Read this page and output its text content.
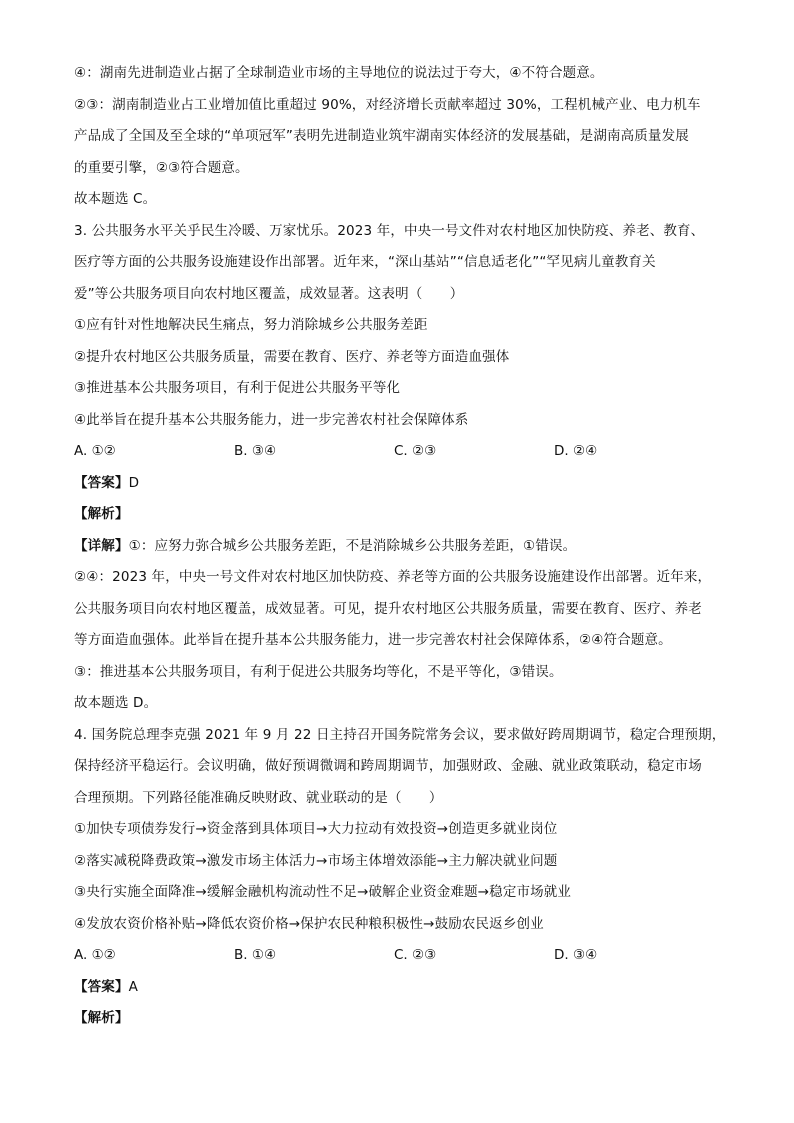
④：湖南先进制造业占据了全球制造业市场的主导地位的说法过于夸大，④不符合题意。
②③：湖南制造业占工业增加值比重超过 90%，对经济增长贡献率超过 30%，工程机械产业、电力机车
产品成了全国及至全球的“单项冠军”表明先进制造业筑牢湖南实体经济的发展基础，是湖南高质量发展
的重要引擎，②③符合题意。
故本题选 C。
3. 公共服务水平关乎民生冷暖、万家忧乐。2023 年，中央一号文件对农村地区加快防疫、养老、教育、
医疗等方面的公共服务设施建设作出部署。近年来，“深山基站”“信息适老化”“罕见病儿童教育关
爱”等公共服务项目向农村地区覆盖，成效显著。这表明（　　）
①应有针对性地解决民生痛点，努力消除城乡公共服务差距
②提升农村地区公共服务质量，需要在教育、医疗、养老等方面造血强体
③推进基本公共服务项目，有利于促进公共服务平等化
④此举旨在提升基本公共服务能力，进一步完善农村社会保障体系
A. ①②	B. ③④	C. ②③	D. ②④
【答案】D
【解析】
【详解】①：应努力弥合城乡公共服务差距，不是消除城乡公共服务差距，①错误。
②④：2023 年，中央一号文件对农村地区加快防疫、养老等方面的公共服务设施建设作出部署。近年来，
公共服务项目向农村地区覆盖，成效显著。可见，提升农村地区公共服务质量，需要在教育、医疗、养老
等方面造血强体。此举旨在提升基本公共服务能力，进一步完善农村社会保障体系，②④符合题意。
③：推进基本公共服务项目，有利于促进公共服务均等化，不是平等化，③错误。
故本题选 D。
4. 国务院总理李克强 2021 年 9 月 22 日主持召开国务院常务会议，要求做好跨周期调节，稳定合理预期，
保持经济平稳运行。会议明确，做好预调微调和跨周期调节，加强财政、金融、就业政策联动，稳定市场
合理预期。下列路径能准确反映财政、就业联动的是（　　）
①加快专项债券发行→资金落到具体项目→大力拉动有效投资→创造更多就业岗位
②落实减税降费政策→激发市场主体活力→市场主体增效添能→主力解决就业问题
③央行实施全面降准→缓解金融机构流动性不足→破解企业资金难题→稳定市场就业
④发放农资价格补贴→降低农资价格→保护农民种粮积极性→鼓励农民返乡创业
A. ①②	B. ①④	C. ②③	D. ③④
【答案】A
【解析】
